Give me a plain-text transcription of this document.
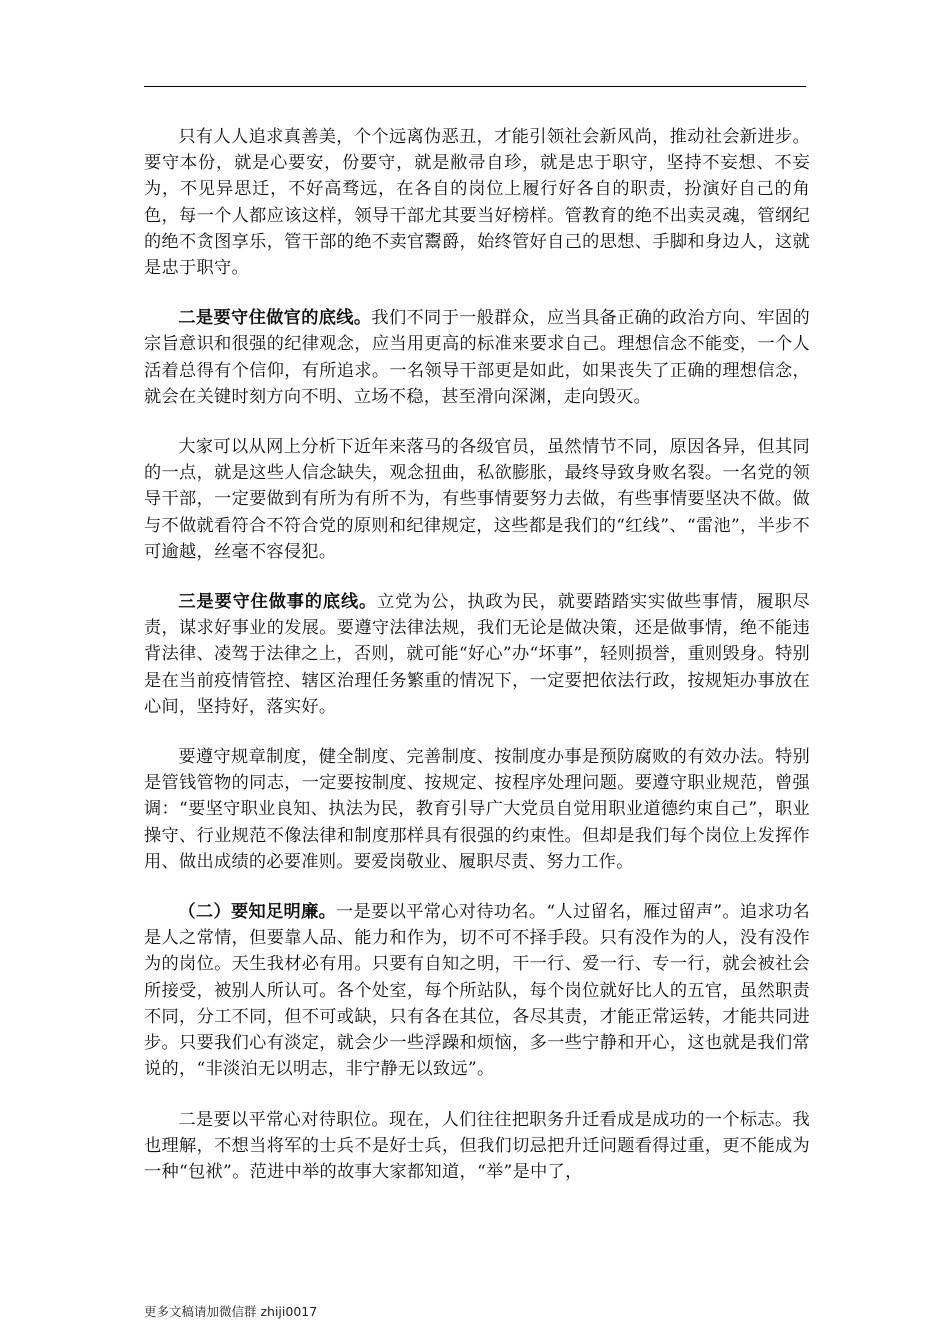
只有人人追求真善美，个个远离伪恶丑，才能引领社会新风尚，推动社会新进步。要守本份，就是心要安，份要守，就是敝帚自珍，就是忠于职守，坚持不妄想、不妄为，不见异思迁，不好高骛远，在各自的岗位上履行好各自的职责，扮演好自己的角色，每一个人都应该这样，领导干部尤其要当好榜样。管教育的绝不出卖灵魂，管纲纪的绝不贪图享乐，管干部的绝不卖官鬻爵，始终管好自己的思想、手脚和身边人，这就是忠于职守。

二是要守住做官的底线。我们不同于一般群众，应当具备正确的政治方向、牢固的宗旨意识和很强的纪律观念，应当用更高的标准来要求自己。理想信念不能变，一个人活着总得有个信仰，有所追求。一名领导干部更是如此，如果丧失了正确的理想信念，就会在关键时刻方向不明、立场不稳，甚至滑向深渊，走向毁灭。

大家可以从网上分析下近年来落马的各级官员，虽然情节不同，原因各异，但其同的一点，就是这些人信念缺失，观念扭曲，私欲膨胀，最终导致身败名裂。一名党的领导干部，一定要做到有所为有所不为，有些事情要努力去做，有些事情要坚决不做。做与不做就看符合不符合党的原则和纪律规定，这些都是我们的“红线”、“雷池”，半步不可逾越，丝毫不容侵犯。

三是要守住做事的底线。立党为公，执政为民，就要踏踏实实做些事情，履职尽责，谋求好事业的发展。要遵守法律法规，我们无论是做决策，还是做事情，绝不能违背法律、凌驾于法律之上，否则，就可能“好心”办“坏事”，轻则损誉，重则毁身。特别是在当前疫情管控、辖区治理任务繁重的情况下，一定要把依法行政，按规矩办事放在心间，坚持好，落实好。

要遵守规章制度，健全制度、完善制度、按制度办事是预防腐败的有效办法。特别是管钱管物的同志，一定要按制度、按规定、按程序处理问题。要遵守职业规范，曾强调：“要坚守职业良知、执法为民，教育引导广大党员自觉用职业道德约束自己”，职业操守、行业规范不像法律和制度那样具有很强的约束性。但却是我们每个岗位上发挥作用、做出成绩的必要准则。要爱岗敬业、履职尽责、努力工作。

（二）要知足明廉。一是要以平常心对待功名。“人过留名，雁过留声”。追求功名是人之常情，但要靠人品、能力和作为，切不可不择手段。只有没作为的人，没有没作为的岗位。天生我材必有用。只要有自知之明，干一行、爱一行、专一行，就会被社会所接受，被别人所认可。各个处室，每个所站队，每个岗位就好比人的五官，虽然职责不同，分工不同，但不可或缺，只有各在其位，各尽其责，才能正常运转，才能共同进步。只要我们心有淡定，就会少一些浮躁和烦恼，多一些宁静和开心，这也就是我们常说的，“非淡泊无以明志，非宁静无以致远”。

二是要以平常心对待职位。现在，人们往往把职务升迁看成是成功的一个标志。我也理解，不想当将军的士兵不是好士兵，但我们切忌把升迁问题看得过重，更不能成为一种“包袱”。范进中举的故事大家都知道，“举”是中了，

更多文稿请加微信群 zhiji0017
